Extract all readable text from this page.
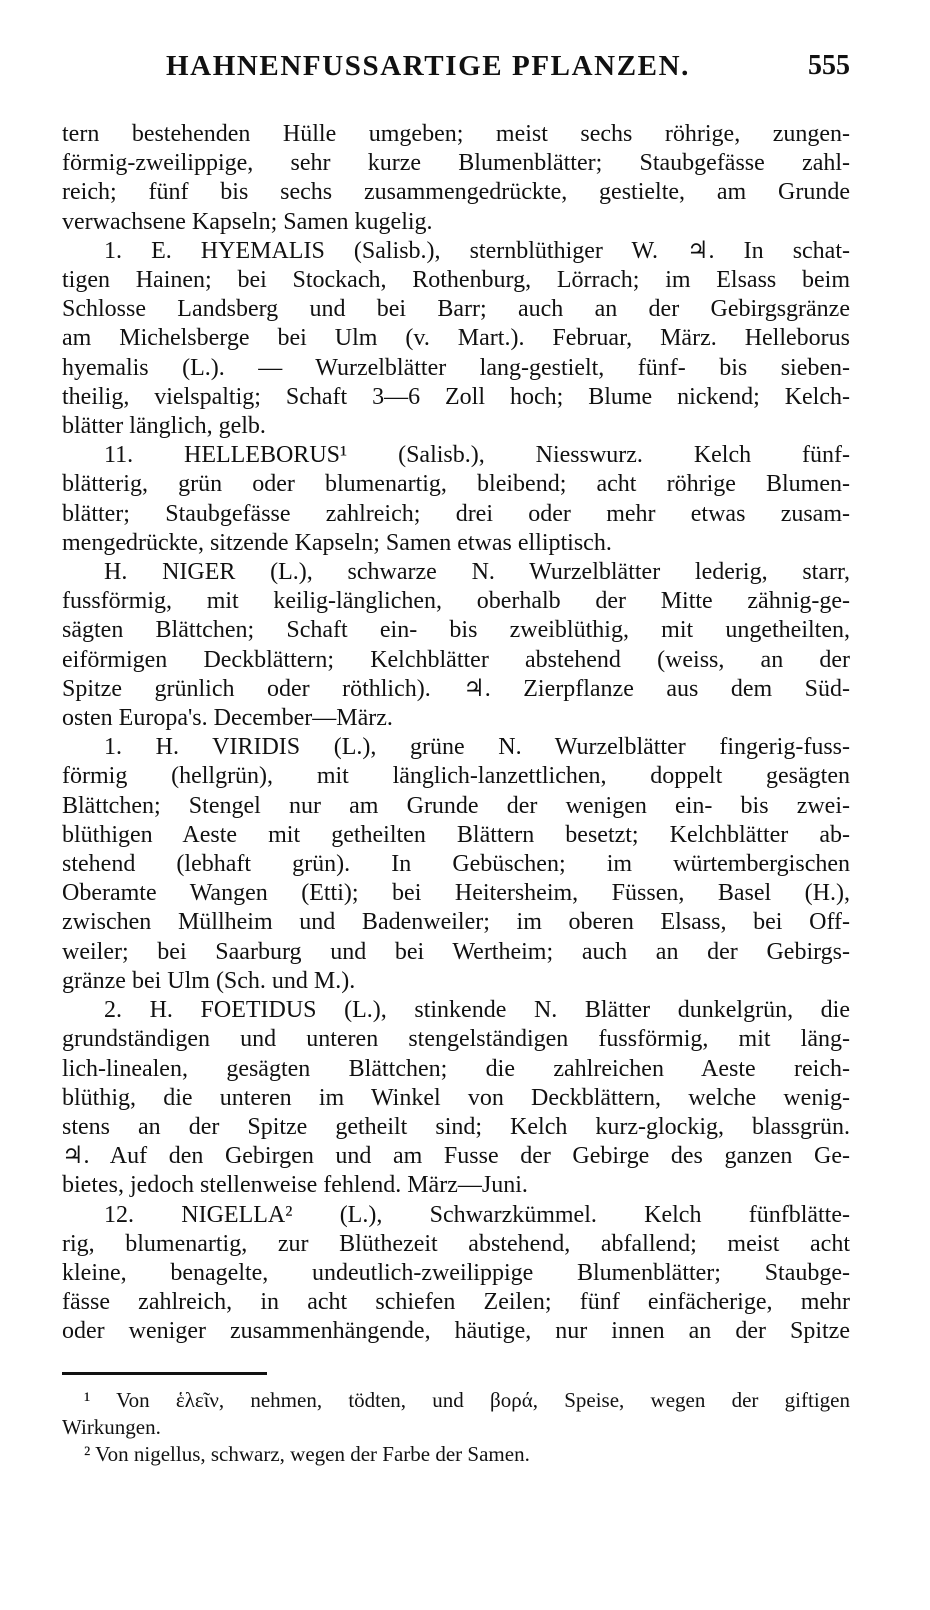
HAHNENFUSSARTIGE PFLANZEN.	555
tern bestehenden Hülle umgeben; meist sechs röhrige, zungen-
förmig-zweilippige, sehr kurze Blumenblätter; Staubgefässe zahl-
reich; fünf bis sechs zusammengedrückte, gestielte, am Grunde
verwachsene Kapseln; Samen kugelig.
1. E. HYEMALIS (Salisb.), sternblüthiger W. ♃. In schat-
tigen Hainen; bei Stockach, Rothenburg, Lörrach; im Elsass beim
Schlosse Landsberg und bei Barr; auch an der Gebirgsgränze
am Michelsberge bei Ulm (v. Mart.). Februar, März. Helleborus
hyemalis (L.). — Wurzelblätter lang-gestielt, fünf- bis sieben-
theilig, vielspaltig; Schaft 3—6 Zoll hoch; Blume nickend; Kelch-
blätter länglich, gelb.
11. HELLEBORUS¹ (Salisb.), Niesswurz. Kelch fünf-
blätterig, grün oder blumenartig, bleibend; acht röhrige Blumen-
blätter; Staubgefässe zahlreich; drei oder mehr etwas zusam-
mengedrückte, sitzende Kapseln; Samen etwas elliptisch.
H. NIGER (L.), schwarze N. Wurzelblätter lederig, starr,
fussförmig, mit keilig-länglichen, oberhalb der Mitte zähnig-ge-
sägten Blättchen; Schaft ein- bis zweiblüthig, mit ungetheilten,
eiförmigen Deckblättern; Kelchblätter abstehend (weiss, an der
Spitze grünlich oder röthlich). ♃. Zierpflanze aus dem Süd-
osten Europa's. December—März.
1. H. VIRIDIS (L.), grüne N. Wurzelblätter fingerig-fuss-
förmig (hellgrün), mit länglich-lanzettlichen, doppelt gesägten
Blättchen; Stengel nur am Grunde der wenigen ein- bis zwei-
blüthigen Aeste mit getheilten Blättern besetzt; Kelchblätter ab-
stehend (lebhaft grün). In Gebüschen; im würtembergischen
Oberamte Wangen (Etti); bei Heitersheim, Füssen, Basel (H.),
zwischen Müllheim und Badenweiler; im oberen Elsass, bei Off-
weiler; bei Saarburg und bei Wertheim; auch an der Gebirgs-
gränze bei Ulm (Sch. und M.).
2. H. FOETIDUS (L.), stinkende N. Blätter dunkelgrün, die
grundständigen und unteren stengelständigen fussförmig, mit läng-
lich-linealen, gesägten Blättchen; die zahlreichen Aeste reich-
blüthig, die unteren im Winkel von Deckblättern, welche wenig-
stens an der Spitze getheilt sind; Kelch kurz-glockig, blassgrün.
♃. Auf den Gebirgen und am Fusse der Gebirge des ganzen Ge-
bietes, jedoch stellenweise fehlend. März—Juni.
12. NIGELLA² (L.), Schwarzkümmel. Kelch fünfblätte-
rig, blumenartig, zur Blüthezeit abstehend, abfallend; meist acht
kleine, benagelte, undeutlich-zweilippige Blumenblätter; Staubge-
fässe zahlreich, in acht schiefen Zeilen; fünf einfächerige, mehr
oder weniger zusammenhängende, häutige, nur innen an der Spitze
¹ Von ἑλεῖν, nehmen, tödten, und βορά, Speise, wegen der giftigen
Wirkungen.
² Von nigellus, schwarz, wegen der Farbe der Samen.
